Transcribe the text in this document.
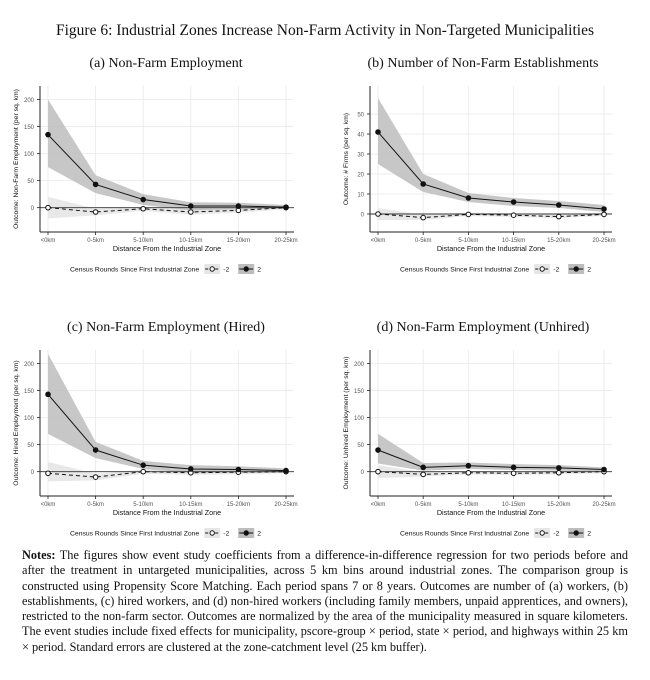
Figure 6: Industrial Zones Increase Non-Farm Activity in Non-Targeted Municipalities
(a) Non-Farm Employment	(b) Number of Non-Farm Establishments
(c) Non-Farm Employment (Hired)	(d) Non-Farm Employment (Unhired)
0
50
100
150
200
<0km	0-5km	5-10km	10-15km	15-20km	20-25km
Distance From the Industrial Zone
Outcome: Non-Farm Employment (per sq. km)
Census Rounds Since First Industrial Zone	-2	2
0
10
20
30
40
50
<0km	0-5km	5-10km	10-15km	15-20km	20-25km
Distance From the Industrial Zone
Outcome: # Firms (per sq. km)
Census Rounds Since First Industrial Zone	-2	2
0
50
100
150
200
<0km	0-5km	5-10km	10-15km	15-20km	20-25km
Distance From the Industrial Zone
Outcome: Hired Employment (per sq. km)
Census Rounds Since First Industrial Zone	-2	2
0
50
100
150
200
<0km	0-5km	5-10km	10-15km	15-20km	20-25km
Distance From the Industrial Zone
Outcome: Unhired Employment (per sq. km)
Census Rounds Since First Industrial Zone	-2	2
Notes: The figures show event study coefficients from a difference-in-difference regression for two periods before and after the treatment in untargeted municipalities, across 5 km bins around industrial zones. The comparison group is constructed using Propensity Score Matching. Each period spans 7 or 8 years. Outcomes are number of (a) workers, (b) establishments, (c) hired workers, and (d) non-hired workers (including family members, unpaid apprentices, and owners), restricted to the non-farm sector. Outcomes are normalized by the area of the municipality measured in square kilometers. The event studies include fixed effects for municipality, pscore-group × period, state × period, and highways within 25 km × period. Standard errors are clustered at the zone-catchment level (25 km buffer).
